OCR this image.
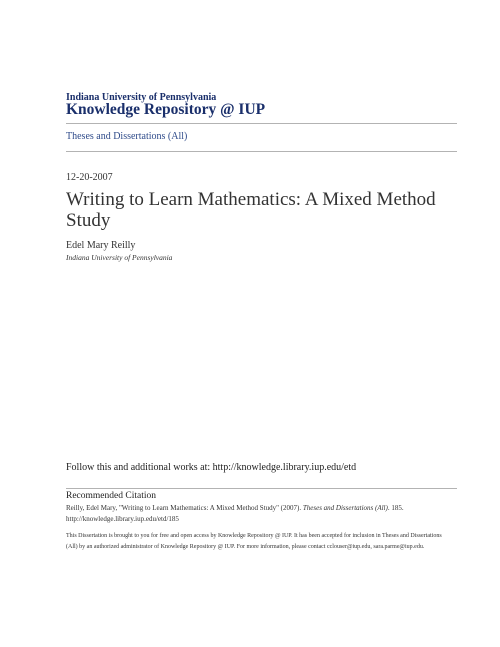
Indiana University of Pennsylvania
Knowledge Repository @ IUP
Theses and Dissertations (All)
12-20-2007
Writing to Learn Mathematics: A Mixed Method Study
Edel Mary Reilly
Indiana University of Pennsylvania
Follow this and additional works at: http://knowledge.library.iup.edu/etd
Recommended Citation
Reilly, Edel Mary, "Writing to Learn Mathematics: A Mixed Method Study" (2007). Theses and Dissertations (All). 185.
http://knowledge.library.iup.edu/etd/185
This Dissertation is brought to you for free and open access by Knowledge Repository @ IUP. It has been accepted for inclusion in Theses and Dissertations (All) by an authorized administrator of Knowledge Repository @ IUP. For more information, please contact cclouser@iup.edu, sara.parme@iup.edu.
